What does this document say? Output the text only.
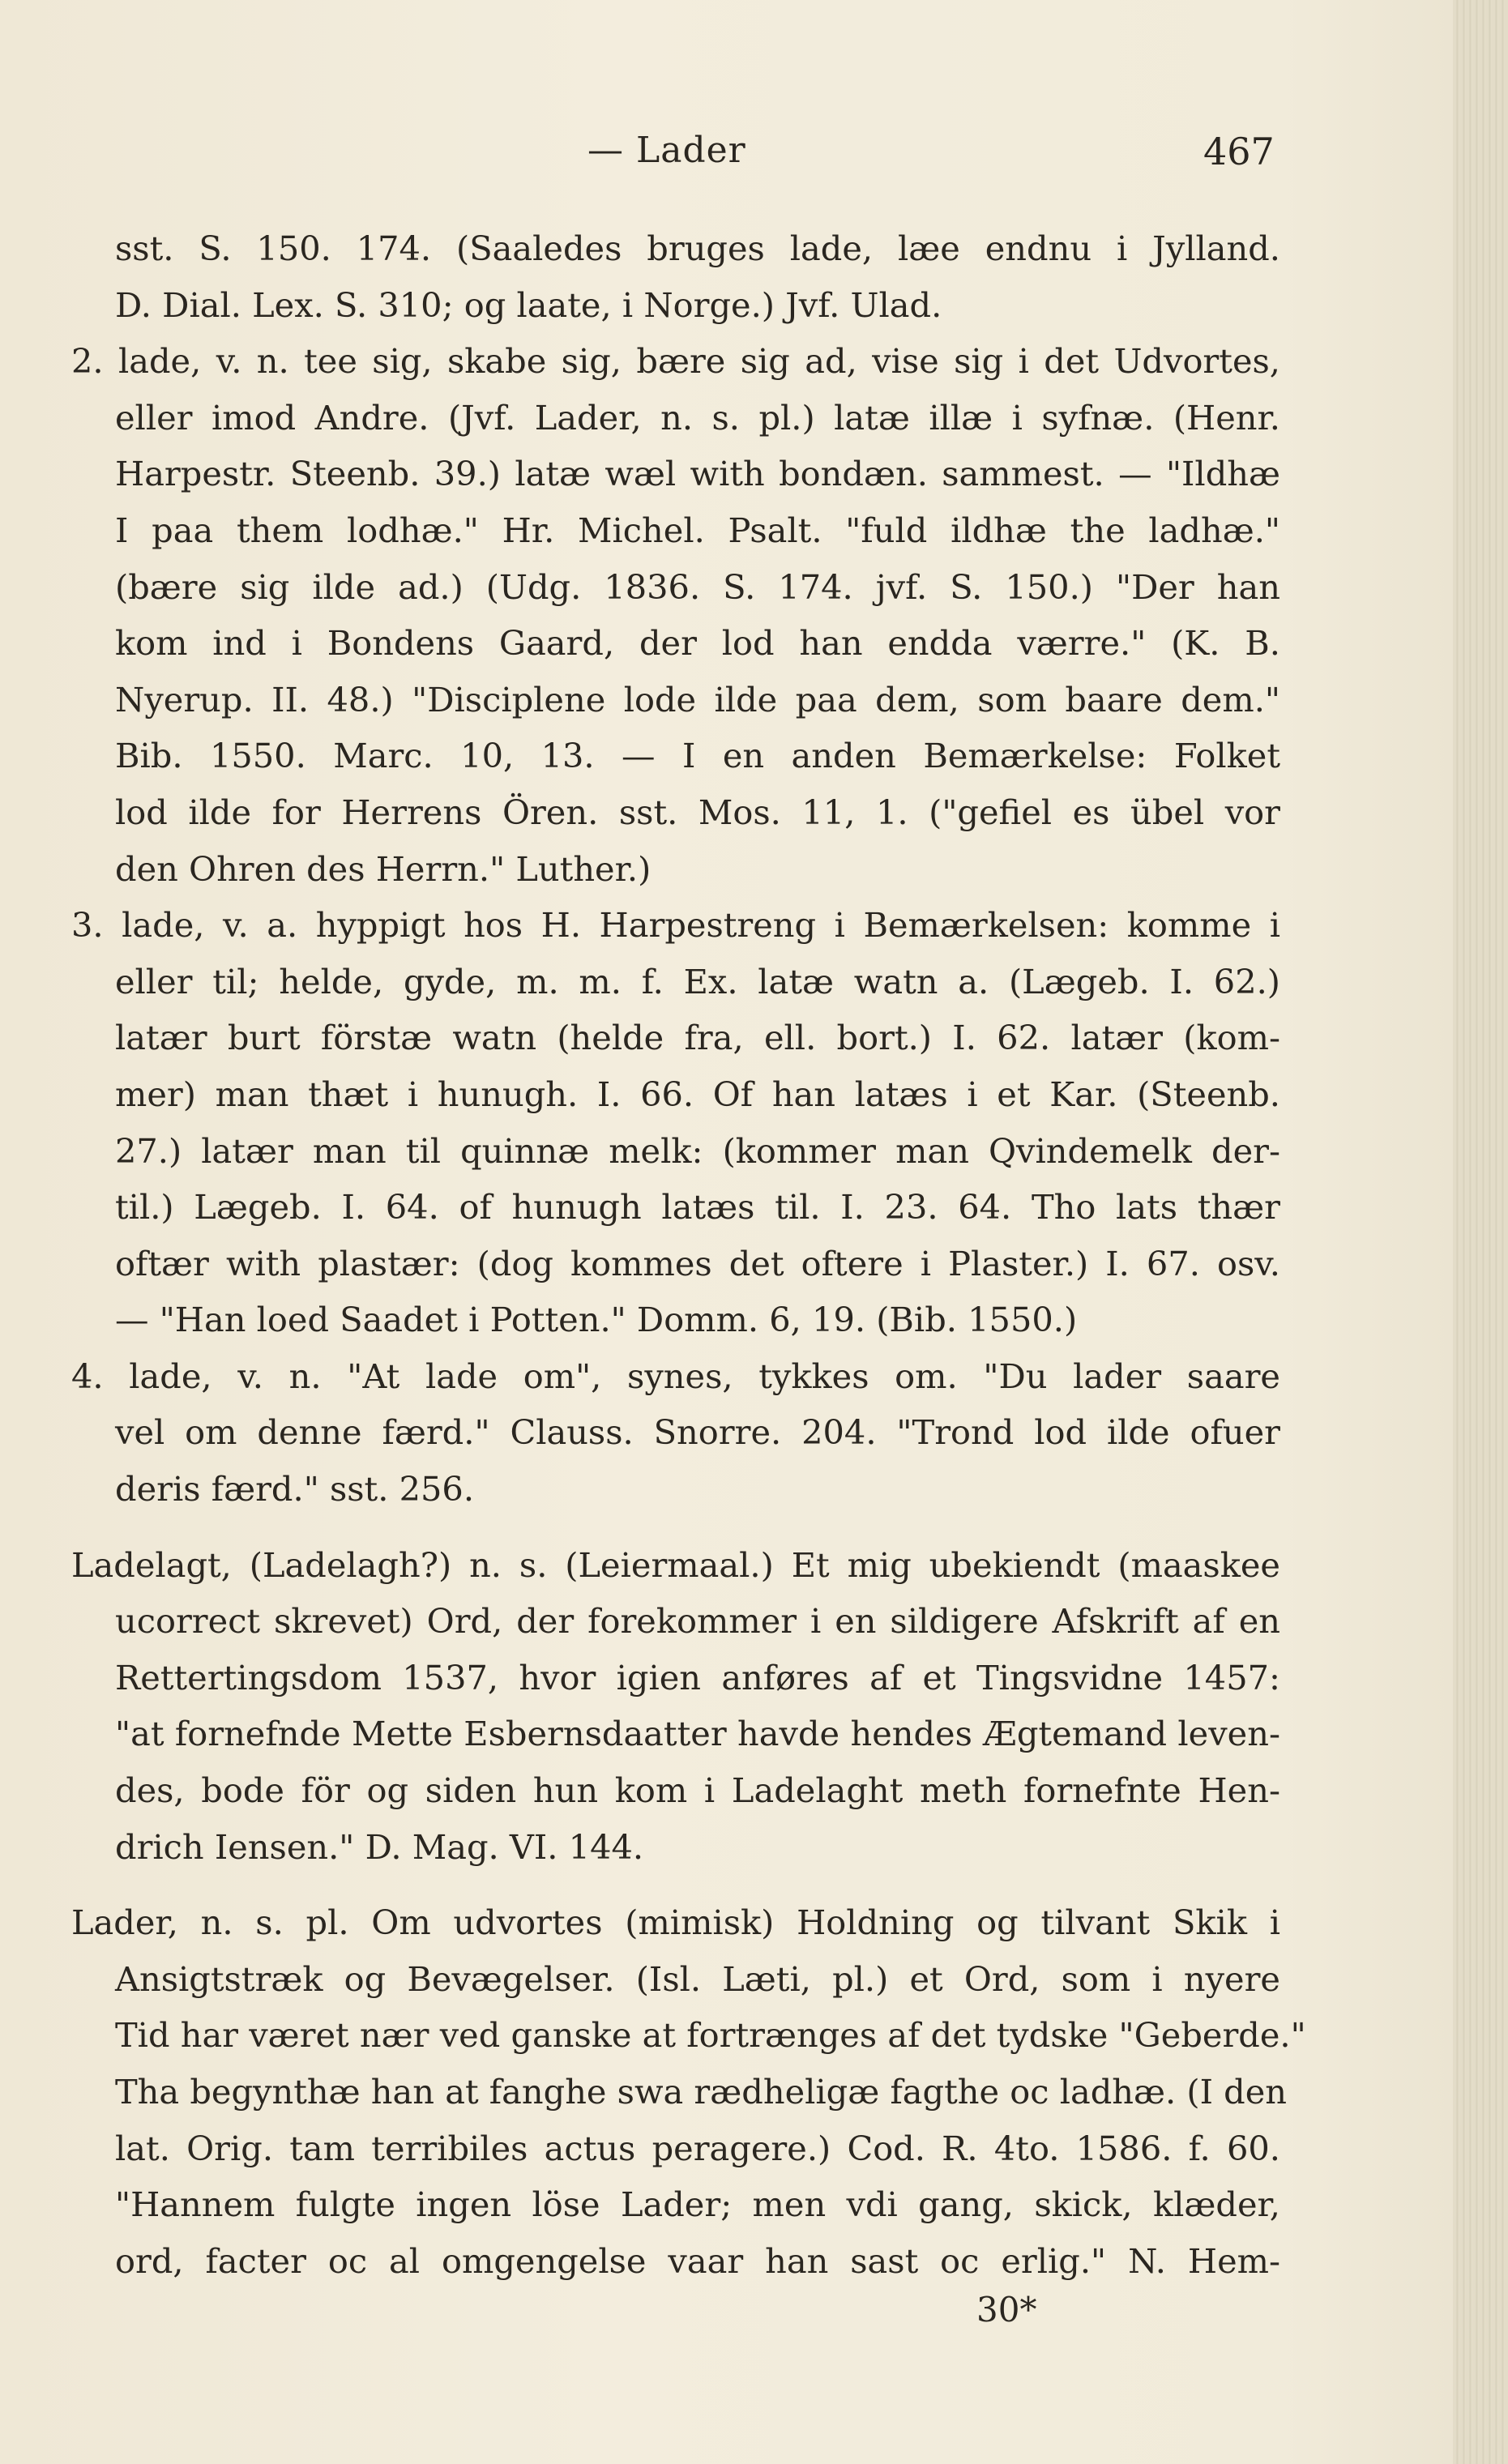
— Lader	467
sst. S. 150. 174. (Saaledes bruges lade, læe endnu i Jylland.
D. Dial. Lex. S. 310; og laate, i Norge.) Jvf. Ulad.
2. lade, v. n. tee sig, skabe sig, bære sig ad, vise sig i det Udvortes,
eller imod Andre. (Jvf. Lader, n. s. pl.) latæ illæ i syfnæ. (Henr.
Harpestr. Steenb. 39.) latæ wæl with bondæn. sammest. — "Ildhæ
I paa them lodhæ." Hr. Michel. Psalt. "fuld ildhæ the ladhæ."
(bære sig ilde ad.) (Udg. 1836. S. 174. jvf. S. 150.) "Der han
kom ind i Bondens Gaard, der lod han endda værre." (K. B.
Nyerup. II. 48.) "Disciplene lode ilde paa dem, som baare dem."
Bib. 1550. Marc. 10, 13. — I en anden Bemærkelse: Folket
lod ilde for Herrens Ören. sst. Mos. 11, 1. ("gefiel es übel vor
den Ohren des Herrn." Luther.)
3. lade, v. a. hyppigt hos H. Harpestreng i Bemærkelsen: komme i
eller til; helde, gyde, m. m. f. Ex. latæ watn a. (Lægeb. I. 62.)
latær burt förstæ watn (helde fra, ell. bort.) I. 62. latær (kom-
mer) man thæt i hunugh. I. 66. Of han latæs i et Kar. (Steenb.
27.) latær man til quinnæ melk: (kommer man Qvindemelk der-
til.) Lægeb. I. 64. of hunugh latæs til. I. 23. 64. Tho lats thær
oftær with plastær: (dog kommes det oftere i Plaster.) I. 67. osv.
— "Han loed Saadet i Potten." Domm. 6, 19. (Bib. 1550.)
4. lade, v. n. "At lade om", synes, tykkes om. "Du lader saare
vel om denne færd." Clauss. Snorre. 204. "Trond lod ilde ofuer
deris færd." sst. 256.
Ladelagt, (Ladelagh?) n. s. (Leiermaal.) Et mig ubekiendt (maaskee
ucorrect skrevet) Ord, der forekommer i en sildigere Afskrift af en
Rettertingsdom 1537, hvor igien anføres af et Tingsvidne 1457:
"at fornefnde Mette Esbernsdaatter havde hendes Ægtemand leven-
des, bode för og siden hun kom i Ladelaght meth fornefnte Hen-
drich Iensen." D. Mag. VI. 144.
Lader, n. s. pl. Om udvortes (mimisk) Holdning og tilvant Skik i
Ansigtstræk og Bevægelser. (Isl. Læti, pl.) et Ord, som i nyere
Tid har været nær ved ganske at fortrænges af det tydske "Geberde."
Tha begynthæ han at fanghe swa rædheligæ fagthe oc ladhæ. (I den
lat. Orig. tam terribiles actus peragere.) Cod. R. 4to. 1586. f. 60.
"Hannem fulgte ingen löse Lader; men vdi gang, skick, klæder,
ord, facter oc al omgengelse vaar han sast oc erlig." N. Hem-
30*
